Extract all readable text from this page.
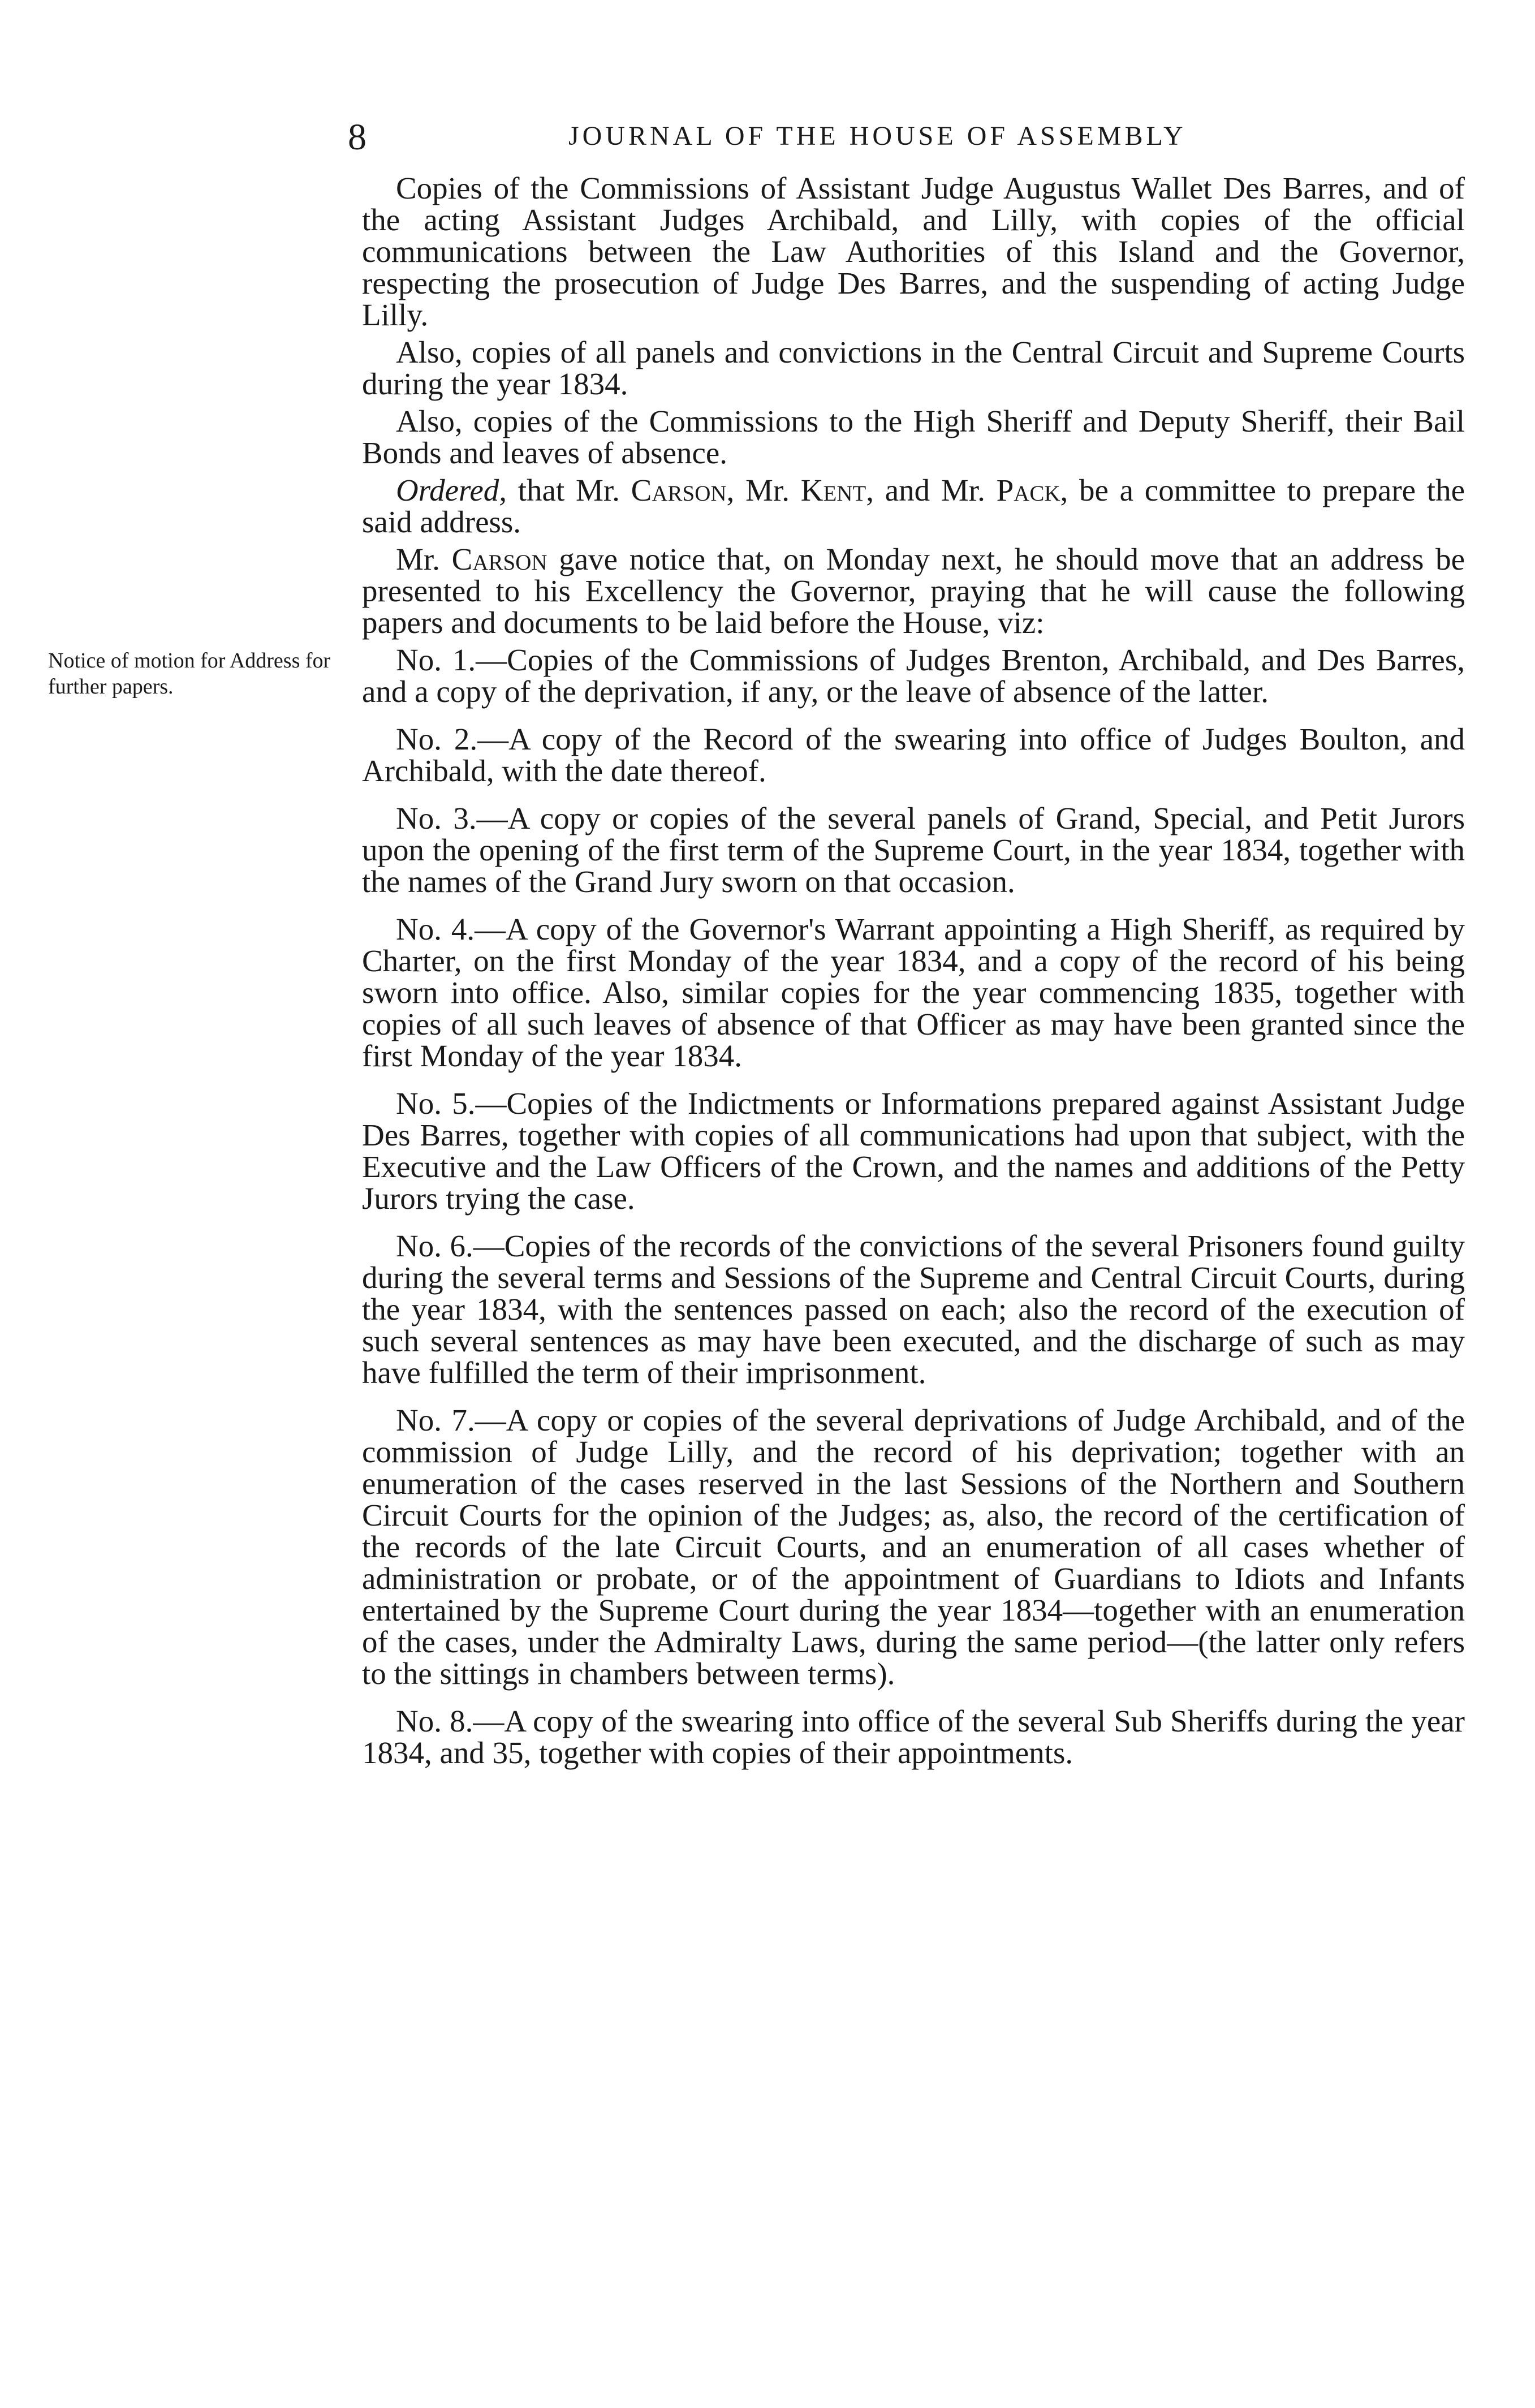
8	JOURNAL OF THE HOUSE OF ASSEMBLY
Notice of motion for Address for further papers.

Copies of the Commissions of Assistant Judge Augustus Wallet Des Barres, and of the acting Assistant Judges Archibald, and Lilly, with copies of the official communications between the Law Authorities of this Island and the Governor, respecting the prosecution of Judge Des Barres, and the suspending of acting Judge Lilly.

Also, copies of all panels and convictions in the Central Circuit and Supreme Courts during the year 1834.

Also, copies of the Commissions to the High Sheriff and Deputy Sheriff, their Bail Bonds and leaves of absence.

Ordered, that Mr. Carson, Mr. Kent, and Mr. Pack, be a committee to prepare the said address.

Mr. Carson gave notice that, on Monday next, he should move that an address be presented to his Excellency the Governor, praying that he will cause the following papers and documents to be laid before the House, viz:

No. 1.—Copies of the Commissions of Judges Brenton, Archibald, and Des Barres, and a copy of the deprivation, if any, or the leave of absence of the latter.

No. 2.—A copy of the Record of the swearing into office of Judges Boulton, and Archibald, with the date thereof.

No. 3.—A copy or copies of the several panels of Grand, Special, and Petit Jurors upon the opening of the first term of the Supreme Court, in the year 1834, together with the names of the Grand Jury sworn on that occasion.

No. 4.—A copy of the Governor's Warrant appointing a High Sheriff, as required by Charter, on the first Monday of the year 1834, and a copy of the record of his being sworn into office. Also, similar copies for the year commencing 1835, together with copies of all such leaves of absence of that Officer as may have been granted since the first Monday of the year 1834.

No. 5.—Copies of the Indictments or Informations prepared against Assistant Judge Des Barres, together with copies of all communications had upon that subject, with the Executive and the Law Officers of the Crown, and the names and additions of the Petty Jurors trying the case.

No. 6.—Copies of the records of the convictions of the several Prisoners found guilty during the several terms and Sessions of the Supreme and Central Circuit Courts, during the year 1834, with the sentences passed on each; also the record of the execution of such several sentences as may have been executed, and the discharge of such as may have fulfilled the term of their imprisonment.

No. 7.—A copy or copies of the several deprivations of Judge Archibald, and of the commission of Judge Lilly, and the record of his deprivation; together with an enumeration of the cases reserved in the last Sessions of the Northern and Southern Circuit Courts for the opinion of the Judges; as, also, the record of the certification of the records of the late Circuit Courts, and an enumeration of all cases whether of administration or probate, or of the appointment of Guardians to Idiots and Infants entertained by the Supreme Court during the year 1834—together with an enumeration of the cases, under the Admiralty Laws, during the same period—(the latter only refers to the sittings in chambers between terms).

No. 8.—A copy of the swearing into office of the several Sub Sheriffs during the year 1834, and 35, together with copies of their appointments.
